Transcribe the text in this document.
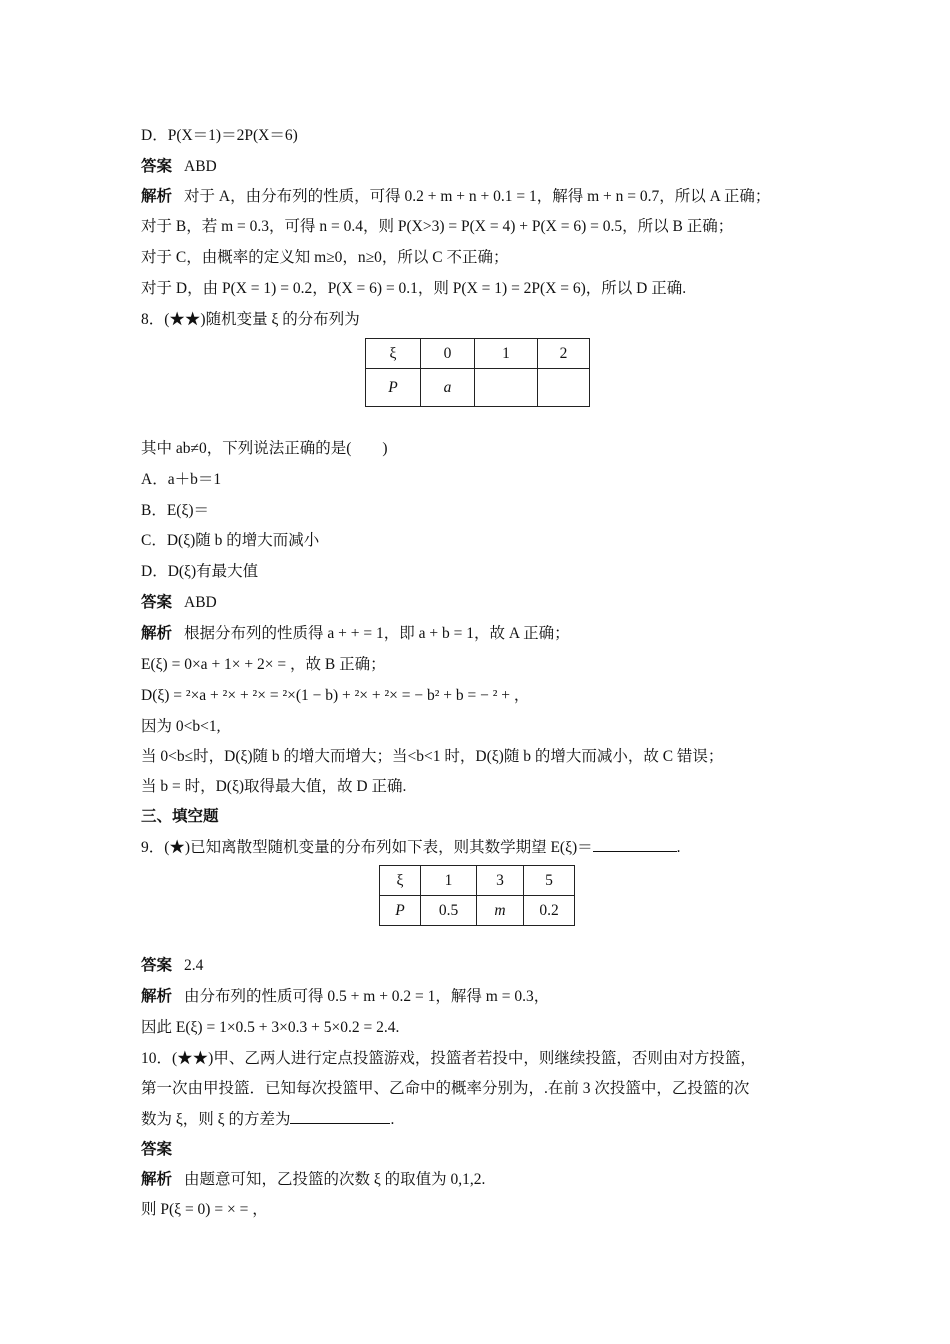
D．P(X＝1)＝2P(X＝6)
答案 ABD
解析 对于 A，由分布列的性质，可得 0.2 + m + n + 0.1 = 1，解得 m + n = 0.7，所以 A 正确；
对于 B，若 m = 0.3，可得 n = 0.4，则 P(X>3) = P(X = 4) + P(X = 6) = 0.5，所以 B 正确；
对于 C，由概率的定义知 m≥0，n≥0，所以 C 不正确；
对于 D，由 P(X = 1) = 0.2，P(X = 6) = 0.1，则 P(X = 1) = 2P(X = 6)，所以 D 正确.
8．(★★)随机变量 ξ 的分布列为
ξ	0	1	2
P	a		
其中 ab≠0，下列说法正确的是(　　)
A．a＋b＝1
B．E(ξ)＝
C．D(ξ)随 b 的增大而减小
D．D(ξ)有最大值
答案 ABD
解析 根据分布列的性质得 a + + = 1，即 a + b = 1，故 A 正确；
E(ξ) = 0×a + 1× + 2× = ，故 B 正确；
D(ξ) = ²×a + ²× + ²× = ²×(1 − b) + ²× + ²× = − b² + b = − ² + ，
因为 0<b<1,
当 0<b≤时，D(ξ)随 b 的增大而增大；当<b<1 时，D(ξ)随 b 的增大而减小，故 C 错误；
当 b = 时，D(ξ)取得最大值，故 D 正确.
三、填空题
9．(★)已知离散型随机变量的分布列如下表，则其数学期望 E(ξ)＝	.
ξ	1	3	5
P	0.5	m	0.2
答案 2.4
解析 由分布列的性质可得 0.5 + m + 0.2 = 1，解得 m = 0.3，
因此 E(ξ) = 1×0.5 + 3×0.3 + 5×0.2 = 2.4.
10．(★★)甲、乙两人进行定点投篮游戏，投篮者若投中，则继续投篮，否则由对方投篮，
第一次由甲投篮．已知每次投篮甲、乙命中的概率分别为，.在前 3 次投篮中，乙投篮的次
数为 ξ，则 ξ 的方差为	.
答案
解析 由题意可知，乙投篮的次数 ξ 的取值为 0,1,2.
则 P(ξ = 0) = × = ，
